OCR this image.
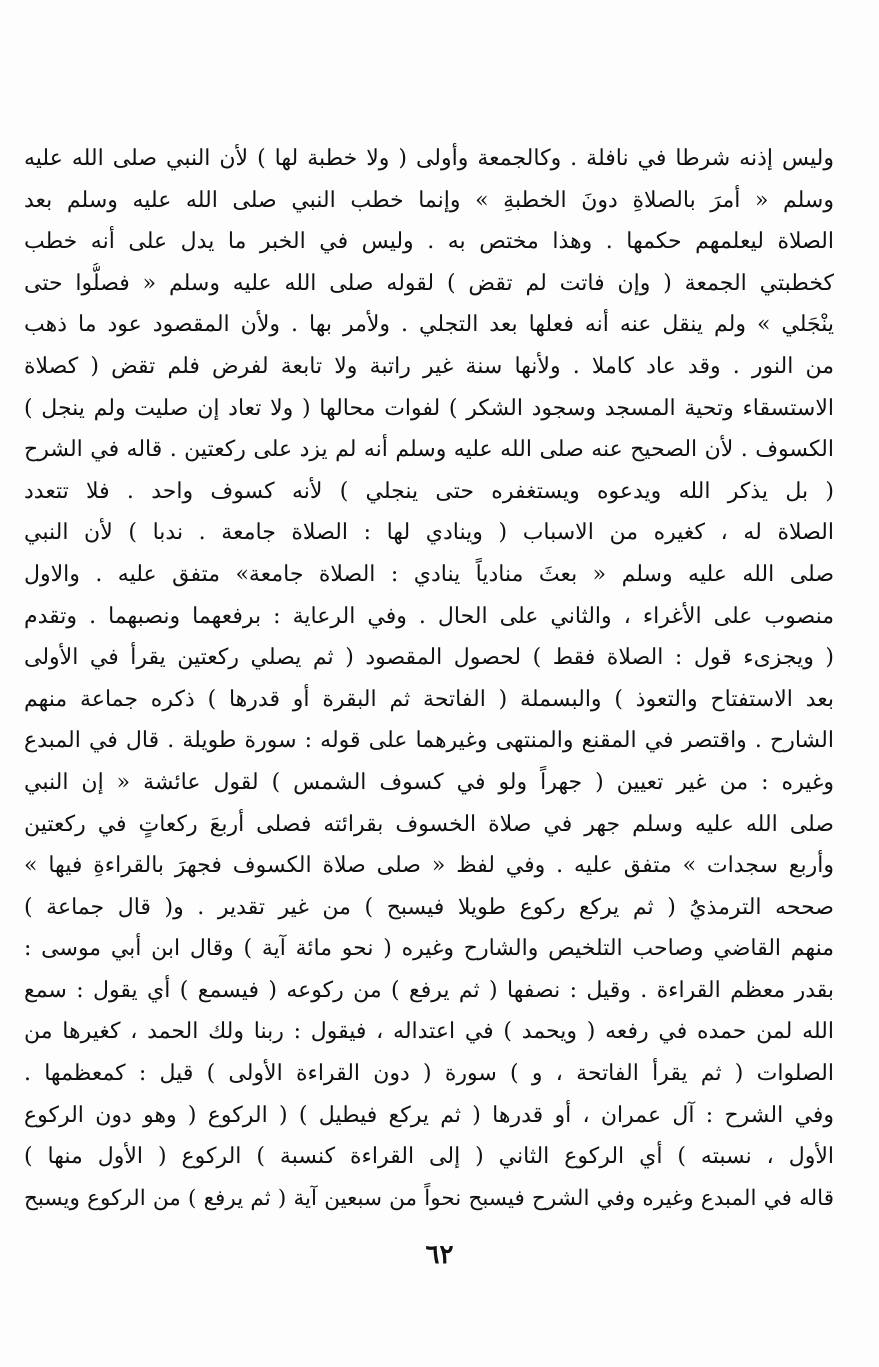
وليس إذنه شرطا في نافلة . وكالجمعة وأولى ( ولا خطبة لها ) لأن النبي صلى الله عليه
وسلم « أمرَ بالصلاةِ دونَ الخطبةِ » وإنما خطب النبي صلى الله عليه وسلم بعد
الصلاة ليعلمهم حكمها . وهذا مختص به . وليس في الخبر ما يدل على أنه خطب
كخطبتي الجمعة ( وإن فاتت لم تقض ) لقوله صلى الله عليه وسلم « فصلُّوا حتى
ينْجَلي » ولم ينقل عنه أنه فعلها بعد التجلي . ولأمر بها . ولأن المقصود عود ما ذهب
من النور . وقد عاد كاملا . ولأنها سنة غير راتبة ولا تابعة لفرض فلم تقض ( كصلاة
الاستسقاء وتحية المسجد وسجود الشكر ) لفوات محالها ( ولا تعاد إن صليت ولم ينجل )
الكسوف . لأن الصحيح عنه صلى الله عليه وسلم أنه لم يزد على ركعتين . قاله في الشرح
( بل يذكر الله ويدعوه ويستغفره حتى ينجلي ) لأنه كسوف واحد . فلا تتعدد
الصلاة له ، كغيره من الاسباب ( وينادي لها : الصلاة جامعة . ندبا ) لأن النبي
صلى الله عليه وسلم « بعثَ منادياً ينادي : الصلاة جامعة» متفق عليه . والاول
منصوب على الأغراء ، والثاني على الحال . وفي الرعاية : برفعهما ونصبهما . وتقدم
( ويجزىء قول : الصلاة فقط ) لحصول المقصود ( ثم يصلي ركعتين يقرأ في الأولى
بعد الاستفتاح والتعوذ ) والبسملة ( الفاتحة ثم البقرة أو قدرها ) ذكره جماعة منهم
الشارح . واقتصر في المقنع والمنتهى وغيرهما على قوله : سورة طويلة . قال في المبدع
وغيره : من غير تعيين ( جهراً ولو في كسوف الشمس ) لقول عائشة « إن النبي
صلى الله عليه وسلم جهر في صلاة الخسوف بقرائته فصلى أربعَ ركعاتٍ في ركعتين
وأربع سجدات » متفق عليه . وفي لفظ « صلى صلاة الكسوف فجهرَ بالقراءةِ فيها »
صححه الترمذيُ ( ثم يركع ركوع طويلا فيسبح ) من غير تقدير . و( قال جماعة )
منهم القاضي وصاحب التلخيص والشارح وغيره ( نحو مائة آية ) وقال ابن أبي موسى :
بقدر معظم القراءة . وقيل : نصفها ( ثم يرفع ) من ركوعه ( فيسمع ) أي يقول : سمع
الله لمن حمده في رفعه ( ويحمد ) في اعتداله ، فيقول : ربنا ولك الحمد ، كغيرها من
الصلوات ( ثم يقرأ الفاتحة ، و ) سورة ( دون القراءة الأولى ) قيل : كمعظمها .
وفي الشرح : آل عمران ، أو قدرها ( ثم يركع فيطيل ) ( الركوع ( وهو دون الركوع
الأول ، نسبته ) أي الركوع الثاني ( إلى القراءة كنسبة ) الركوع ( الأول منها )
قاله في المبدع وغيره وفي الشرح فيسبح نحواً من سبعين آية ( ثم يرفع ) من الركوع ويسبح
٦٢
